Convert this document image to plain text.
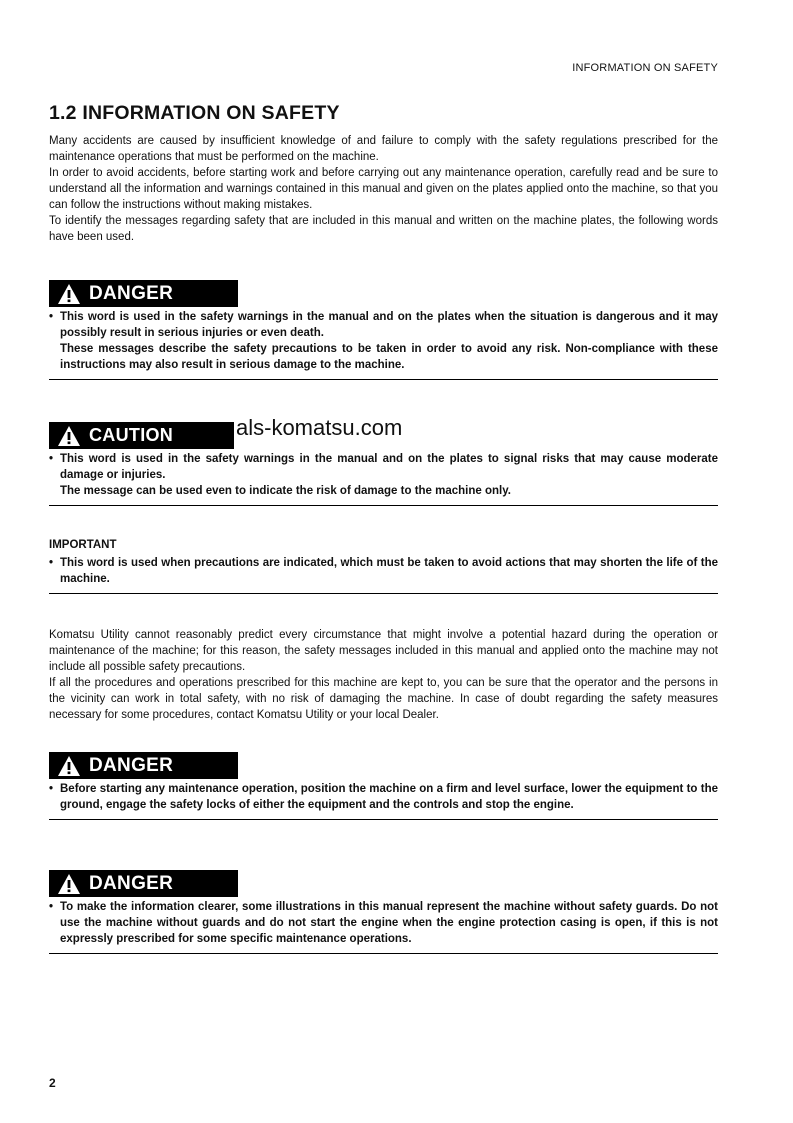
INFORMATION ON SAFETY
1.2 INFORMATION ON SAFETY

Many accidents are caused by insufficient knowledge of and failure to comply with the safety regulations prescribed for the maintenance operations that must be performed on the machine.

In order to avoid accidents, before starting work and before carrying out any maintenance operation, carefully read and be sure to understand all the information and warnings contained in this manual and given on the plates applied onto the machine, so that you can follow the instructions without making mistakes.

To identify the messages regarding safety that are included in this manual and written on the machine plates, the following words have been used.

DANGER
• This word is used in the safety warnings in the manual and on the plates when the situation is dangerous and it may possibly result in serious injuries or even death.

These messages describe the safety precautions to be taken in order to avoid any risk. Non-compliance with these instructions may also result in serious damage to the machine.

CAUTION	als-komatsu.com
• This word is used in the safety warnings in the manual and on the plates to signal risks that may cause moderate damage or injuries.

The message can be used even to indicate the risk of damage to the machine only.

IMPORTANT
• This word is used when precautions are indicated, which must be taken to avoid actions that may shorten the life of the machine.

Komatsu Utility cannot reasonably predict every circumstance that might involve a potential hazard during the operation or maintenance of the machine; for this reason, the safety messages included in this manual and applied onto the machine may not include all possible safety precautions.

If all the procedures and operations prescribed for this machine are kept to, you can be sure that the operator and the persons in the vicinity can work in total safety, with no risk of damaging the machine. In case of doubt regarding the safety measures necessary for some procedures, contact Komatsu Utility or your local Dealer.

DANGER
• Before starting any maintenance operation, position the machine on a firm and level surface, lower the equipment to the ground, engage the safety locks of either the equipment and the controls and stop the engine.

DANGER
• To make the information clearer, some illustrations in this manual represent the machine without safety guards. Do not use the machine without guards and do not start the engine when the engine protection casing is open, if this is not expressly prescribed for some specific maintenance operations.

2
